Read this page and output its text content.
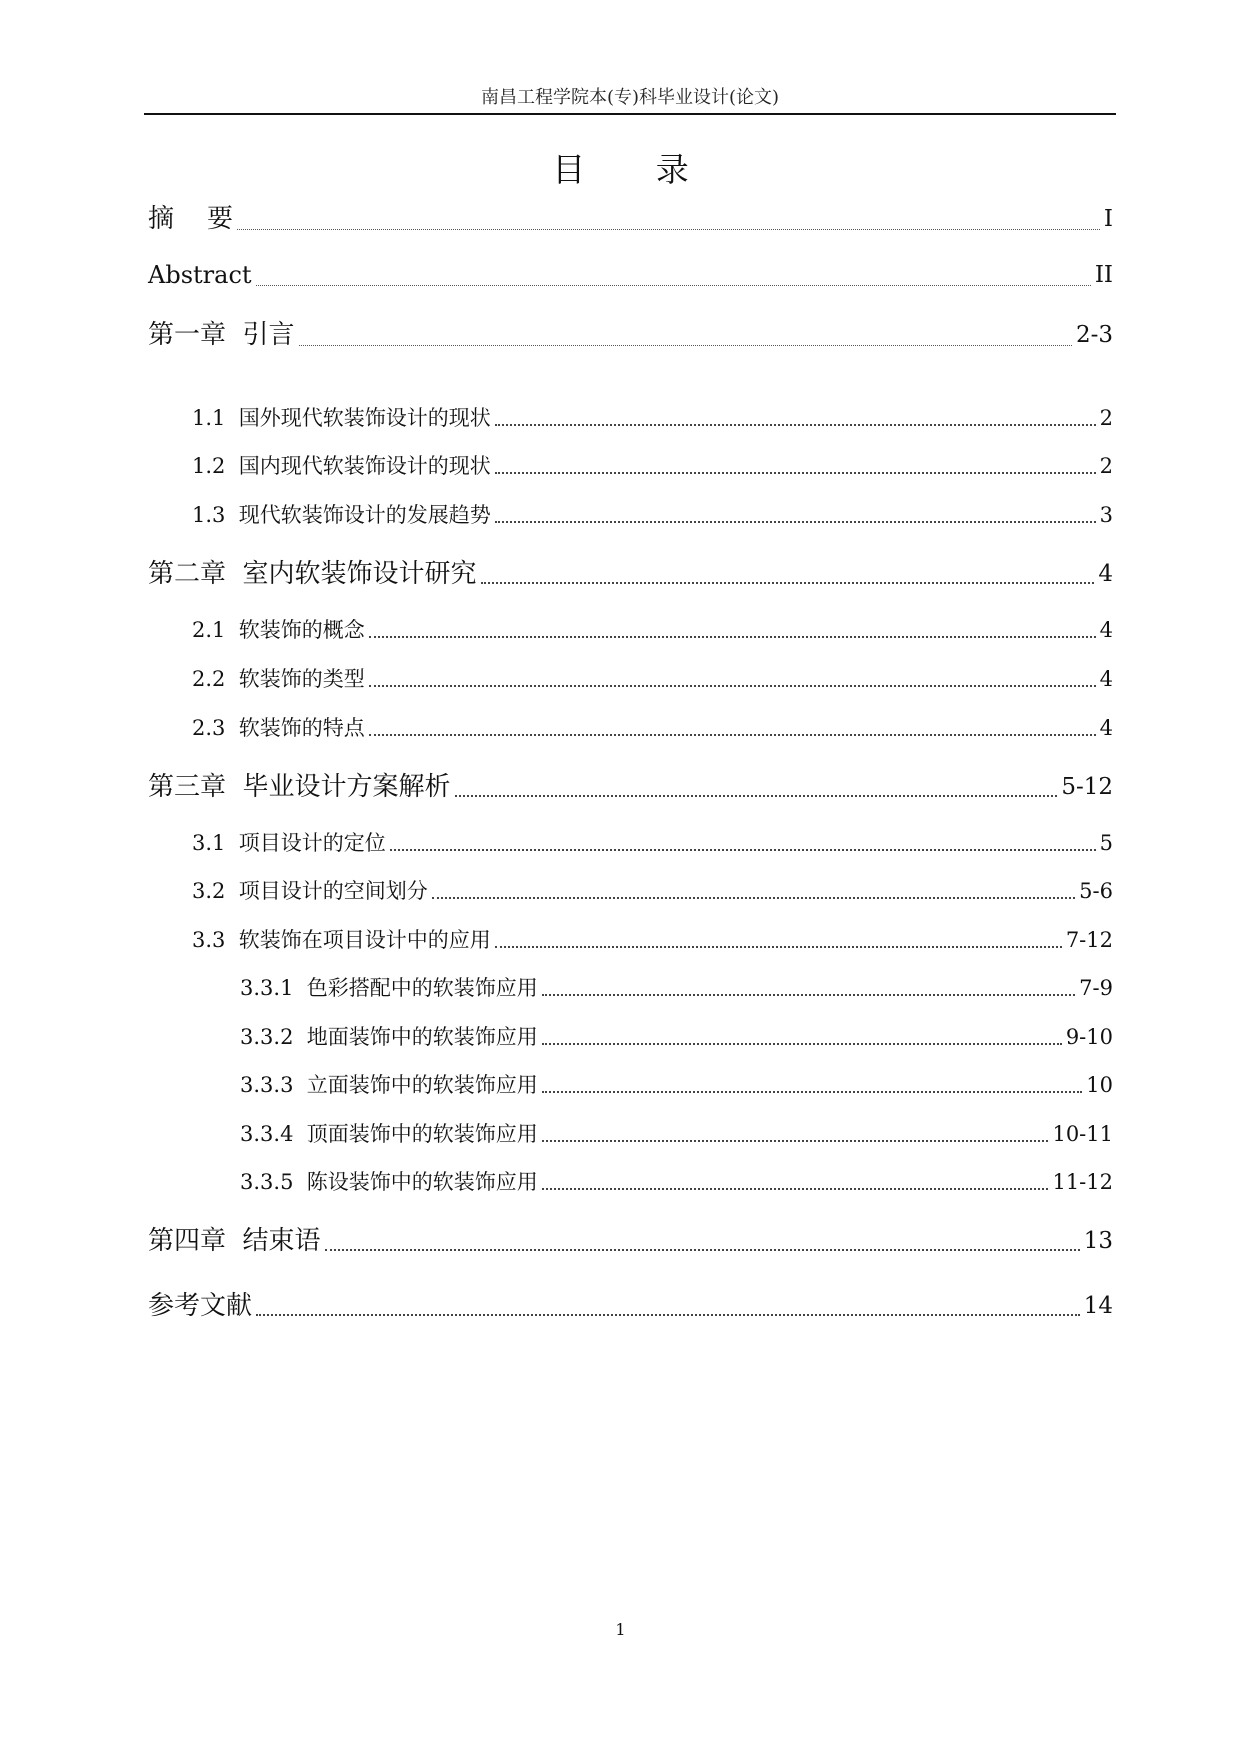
南昌工程学院本(专)科毕业设计(论文)
目 录
摘    要	I
Abstract	II
第一章  引言	2-3
1.1  国外现代软装饰设计的现状	2
1.2  国内现代软装饰设计的现状	2
1.3  现代软装饰设计的发展趋势	3
第二章  室内软装饰设计研究	4
2.1  软装饰的概念	4
2.2  软装饰的类型	4
2.3  软装饰的特点	4
第三章  毕业设计方案解析	5-12
3.1  项目设计的定位	5
3.2  项目设计的空间划分	5-6
3.3  软装饰在项目设计中的应用	7-12
3.3.1  色彩搭配中的软装饰应用	7-9
3.3.2  地面装饰中的软装饰应用	9-10
3.3.3  立面装饰中的软装饰应用	10
3.3.4  顶面装饰中的软装饰应用	10-11
3.3.5  陈设装饰中的软装饰应用	11-12
第四章  结束语	13
参考文献	14
1
